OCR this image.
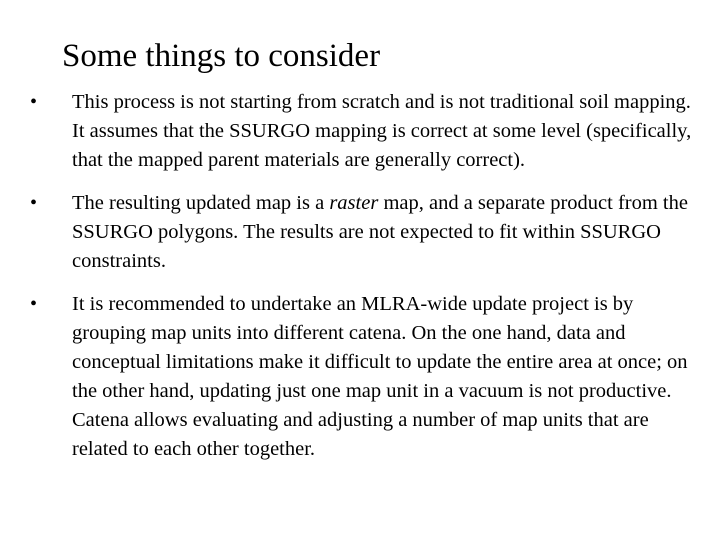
Some things to consider
•	This process is not starting from scratch and is not traditional soil mapping. It assumes that the SSURGO mapping is correct at some level (specifically, that the mapped parent materials are generally correct).
•	The resulting updated map is a raster map, and a separate product from the SSURGO polygons. The results are not expected to fit within SSURGO constraints.
•	It is recommended to undertake an MLRA-wide update project is by grouping map units into different catena. On the one hand, data and conceptual limitations make it difficult to update the entire area at once; on the other hand, updating just one map unit in a vacuum is not productive. Catena allows evaluating and adjusting a number of map units that are related to each other together.
